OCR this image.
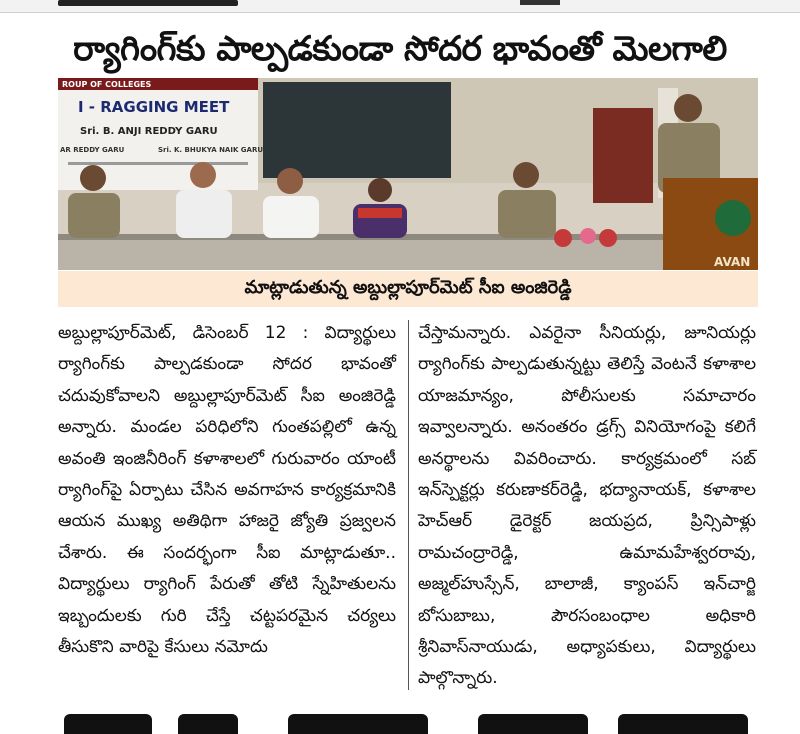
ర్యాగింగ్‌కు పాల్పడకుండా సోదర భావంతో మెలగాలి
ROUP OF COLLEGES
I - RAGGING MEET
Sri. B. ANJI REDDY GARU
AR REDDY GARU	Sri. K. BHUKYA NAIK GARU
AVAN
మాట్లాడుతున్న అబ్దుల్లాపూర్‌మెట్ సీఐ అంజిరెడ్డి
అబ్దుల్లాపూర్‌మెట్, డిసెంబర్ 12 : విద్యార్థులు ర్యాగింగ్‌కు పాల్పడకుండా సోదర భావంతో చదువుకోవాలని అబ్దుల్లాపూర్‌మెట్ సీఐ అంజిరెడ్డి అన్నారు. మండల పరిధిలోని గుంతపల్లిలో ఉన్న అవంతి ఇంజినీరింగ్ కళాశాలలో గురువారం యాంటీ ర్యాగింగ్‌పై ఏర్పాటు చేసిన అవగాహన కార్యక్రమానికి ఆయన ముఖ్య అతిథిగా హాజరై జ్యోతి ప్రజ్వలన చేశారు. ఈ సందర్భంగా సీఐ మాట్లాడుతూ.. విద్యార్థులు ర్యాగింగ్ పేరుతో తోటి స్నేహితులను ఇబ్బందులకు గురి చేస్తే చట్టపరమైన చర్యలు తీసుకొని వారిపై కేసులు నమోదు
చేస్తామన్నారు. ఎవరైనా సీనియర్లు, జూనియర్లు ర్యాగింగ్‌కు పాల్పడుతున్నట్టు తెలిస్తే వెంటనే కళాశాల యాజమాన్యం, పోలీసులకు సమాచారం ఇవ్వాలన్నారు. అనంతరం డ్రగ్స్ వినియోగంపై కలిగే అనర్థాలను వివరించారు. కార్యక్రమంలో సబ్ ఇన్‌స్పెక్టర్లు కరుణాకర్‌రెడ్డి, భద్యానాయక్, కళాశాల హెచ్‌ఆర్ డైరెక్టర్ జయప్రద, ప్రిన్సిపాళ్లు రామచంద్రారెడ్డి, ఉమామహేశ్వరరావు, అజ్మల్‌హుస్సేన్, బాలాజీ, క్యాంపస్ ఇన్‌చార్జి బోసుబాబు, పౌరసంబంధాల అధికారి శ్రీనివాస్‌నాయుడు, అధ్యాపకులు, విద్యార్థులు పాల్గొన్నారు.
